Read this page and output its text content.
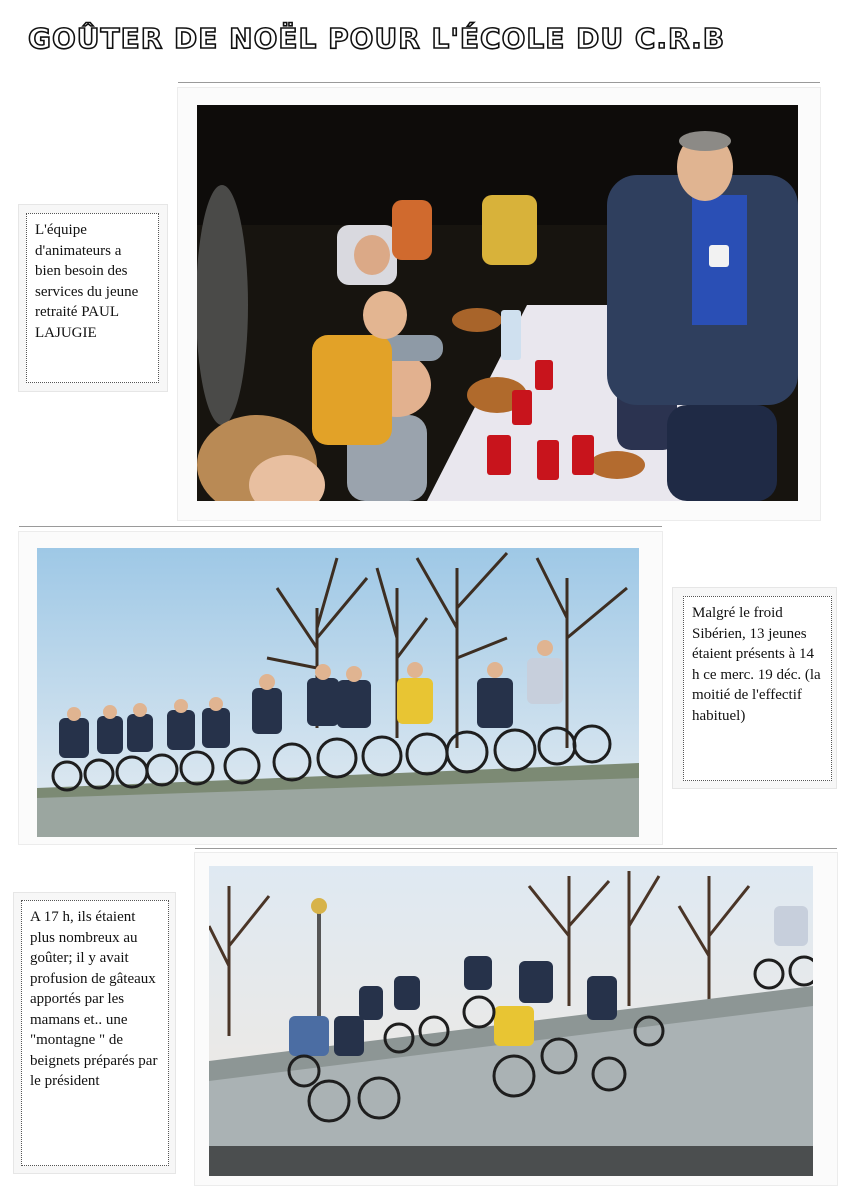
GOÛTER DE NOËL POUR L'ÉCOLE DU C.R.B
L'équipe d'animateurs a bien besoin des services du jeune retraité PAUL LAJUGIE
Malgré le froid Sibérien, 13 jeunes étaient présents à 14 h ce merc. 19 déc. (la moitié de l'effectif habituel)
A 17 h, ils étaient plus nombreux au goûter; il y avait profusion de gâteaux apportés par les mamans et.. une "montagne " de beignets préparés par le président
